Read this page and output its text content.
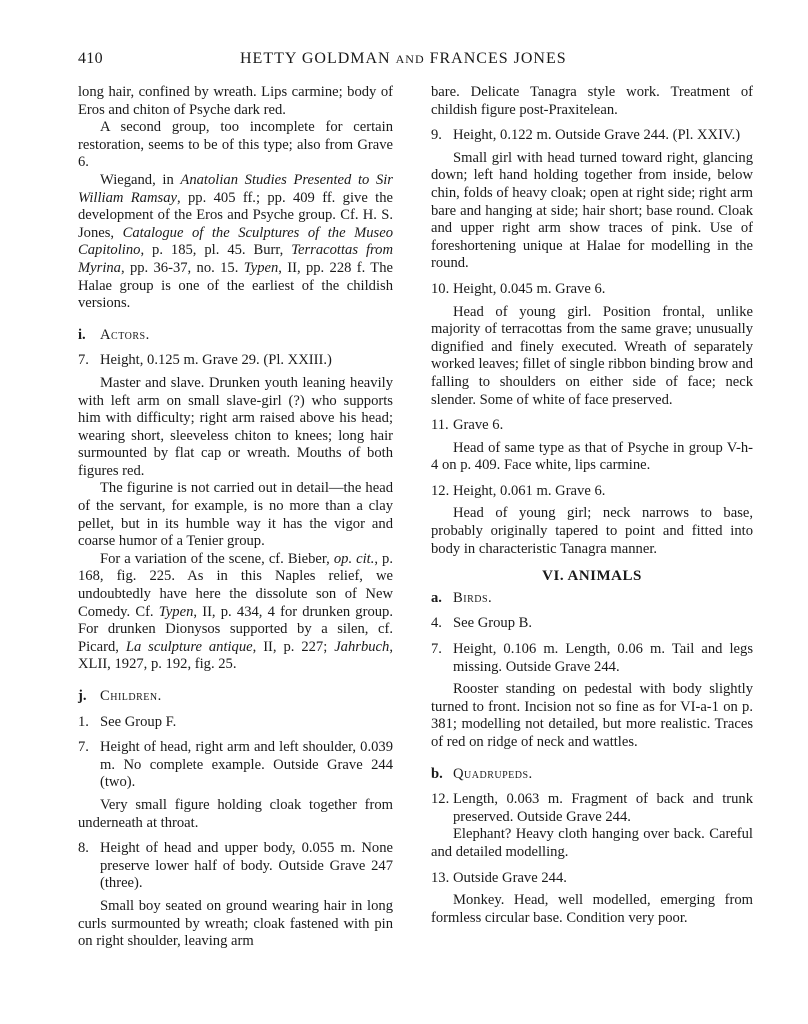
410	HETTY GOLDMAN AND FRANCES JONES

long hair, confined by wreath. Lips carmine; body of Eros and chiton of Psyche dark red.

A second group, too incomplete for certain restoration, seems to be of this type; also from Grave 6.

Wiegand, in Anatolian Studies Presented to Sir William Ramsay, pp. 405 ff.; pp. 409 ff. give the development of the Eros and Psyche group. Cf. H. S. Jones, Catalogue of the Sculptures of the Museo Capitolino, p. 185, pl. 45. Burr, Terracottas from Myrina, pp. 36-37, no. 15. Typen, II, pp. 228 f. The Halae group is one of the earliest of the childish versions.

i. Actors.

7. Height, 0.125 m. Grave 29. (Pl. XXIII.)

Master and slave. Drunken youth leaning heavily with left arm on small slave-girl (?) who supports him with difficulty; right arm raised above his head; wearing short, sleeveless chiton to knees; long hair surmounted by flat cap or wreath. Mouths of both figures red.

The figurine is not carried out in detail—the head of the servant, for example, is no more than a clay pellet, but in its humble way it has the vigor and coarse humor of a Tenier group.

For a variation of the scene, cf. Bieber, op. cit., p. 168, fig. 225. As in this Naples relief, we undoubtedly have here the dissolute son of New Comedy. Cf. Typen, II, p. 434, 4 for drunken group. For drunken Dionysos supported by a silen, cf. Picard, La sculpture antique, II, p. 227; Jahrbuch, XLII, 1927, p. 192, fig. 25.

j. Children.

1. See Group F.

7. Height of head, right arm and left shoulder, 0.039 m. No complete example. Outside Grave 244 (two).

Very small figure holding cloak together from underneath at throat.

8. Height of head and upper body, 0.055 m. None preserve lower half of body. Outside Grave 247 (three).

Small boy seated on ground wearing hair in long curls surmounted by wreath; cloak fastened with pin on right shoulder, leaving arm

bare. Delicate Tanagra style work. Treatment of childish figure post-Praxitelean.

9. Height, 0.122 m. Outside Grave 244. (Pl. XXIV.)

Small girl with head turned toward right, glancing down; left hand holding together from inside, below chin, folds of heavy cloak; open at right side; right arm bare and hanging at side; hair short; base round. Cloak and upper right arm show traces of pink. Use of foreshortening unique at Halae for modelling in the round.

10. Height, 0.045 m. Grave 6.

Head of young girl. Position frontal, unlike majority of terracottas from the same grave; unusually dignified and finely executed. Wreath of separately worked leaves; fillet of single ribbon binding brow and falling to shoulders on either side of face; neck slender. Some of white of face preserved.

11. Grave 6.

Head of same type as that of Psyche in group V-h-4 on p. 409. Face white, lips carmine.

12. Height, 0.061 m. Grave 6.

Head of young girl; neck narrows to base, probably originally tapered to point and fitted into body in characteristic Tanagra manner.

VI. ANIMALS

a. Birds.

4. See Group B.

7. Height, 0.106 m. Length, 0.06 m. Tail and legs missing. Outside Grave 244.

Rooster standing on pedestal with body slightly turned to front. Incision not so fine as for VI-a-1 on p. 381; modelling not detailed, but more realistic. Traces of red on ridge of neck and wattles.

b. Quadrupeds.

12. Length, 0.063 m. Fragment of back and trunk preserved. Outside Grave 244.

Elephant? Heavy cloth hanging over back. Careful and detailed modelling.

13. Outside Grave 244.

Monkey. Head, well modelled, emerging from formless circular base. Condition very poor.
